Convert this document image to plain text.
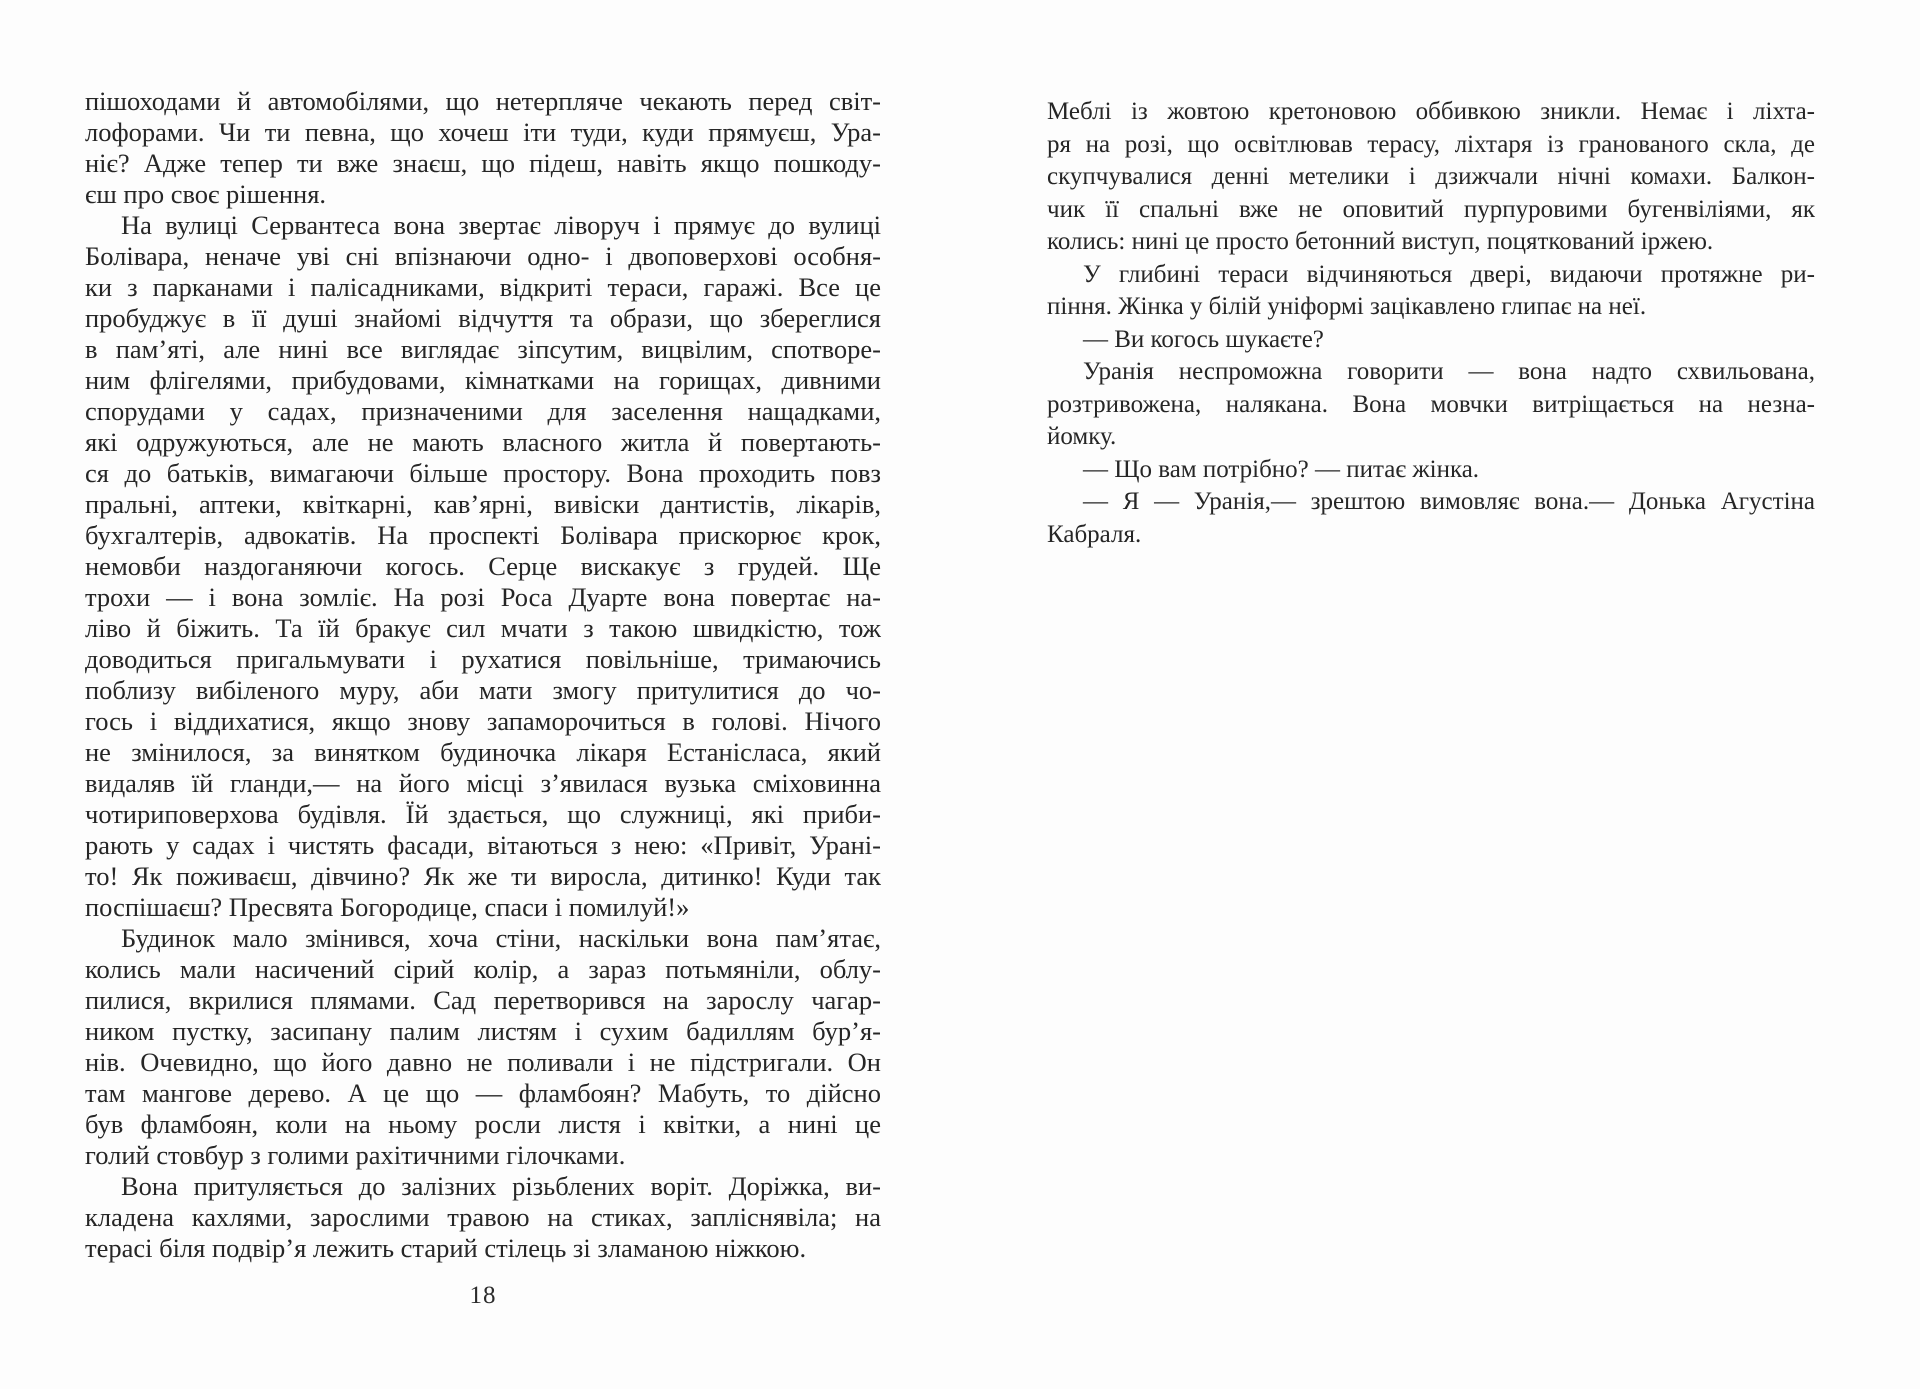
пішоходами й автомобілями, що нетерпляче чекають перед світ-
лофорами. Чи ти певна, що хочеш іти туди, куди прямуєш, Ура-
ніє? Адже тепер ти вже знаєш, що підеш, навіть якщо пошкоду-
єш про своє рішення.
На вулиці Сервантеса вона звертає ліворуч і прямує до вулиці
Болівара, неначе уві сні впізнаючи одно- і двоповерхові особня-
ки з парканами і палісадниками, відкриті тераси, гаражі. Все це
пробуджує в її душі знайомі відчуття та образи, що збереглися
в пам’яті, але нині все виглядає зіпсутим, вицвілим, спотворе-
ним флігелями, прибудовами, кімнатками на горищах, дивними
спорудами у садах, призначеними для заселення нащадками,
які одружуються, але не мають власного житла й повертають-
ся до батьків, вимагаючи більше простору. Вона проходить повз
пральні, аптеки, квіткарні, кав’ярні, вивіски дантистів, лікарів,
бухгалтерів, адвокатів. На проспекті Болівара прискорює крок,
немовби наздоганяючи когось. Серце вискакує з грудей. Ще
трохи — і вона зомліє. На розі Роса Дуарте вона повертає на-
ліво й біжить. Та їй бракує сил мчати з такою швидкістю, тож
доводиться пригальмувати і рухатися повільніше, тримаючись
поблизу вибіленого муру, аби мати змогу притулитися до чо-
гось і віддихатися, якщо знову запаморочиться в голові. Нічого
не змінилося, за винятком будиночка лікаря Естанісласа, який
видаляв їй гланди,— на його місці з’явилася вузька сміховинна
чотириповерхова будівля. Їй здається, що служниці, які приби-
рають у садах і чистять фасади, вітаються з нею: «Привіт, Урані-
то! Як поживаєш, дівчино? Як же ти виросла, дитинко! Куди так
поспішаєш? Пресвята Богородице, спаси і помилуй!»
Будинок мало змінився, хоча стіни, наскільки вона пам’ятає,
колись мали насичений сірий колір, а зараз потьмяніли, облу-
пилися, вкрилися плямами. Сад перетворився на зарослу чагар-
ником пустку, засипану палим листям і сухим бадиллям бур’я-
нів. Очевидно, що його давно не поливали і не підстригали. Он
там мангове дерево. А це що — фламбоян? Мабуть, то дійсно
був фламбоян, коли на ньому росли листя і квітки, а нині це
голий стовбур з голими рахітичними гілочками.
Вона притуляється до залізних різьблених воріт. Доріжка, ви-
кладена кахлями, зарослими травою на стиках, запліснявіла; на
терасі біля подвір’я лежить старий стілець зі зламаною ніжкою.
Меблі із жовтою кретоновою оббивкою зникли. Немає і ліхта-
ря на розі, що освітлював терасу, ліхтаря із гранованого скла, де
скупчувалися денні метелики і дзижчали нічні комахи. Балкон-
чик її спальні вже не оповитий пурпуровими бугенвіліями, як
колись: нині це просто бетонний виступ, поцяткований іржею.
У глибині тераси відчиняються двері, видаючи протяжне ри-
піння. Жінка у білій уніформі зацікавлено глипає на неї.
— Ви когось шукаєте?
Уранія неспроможна говорити — вона надто схвильована,
розтривожена, налякана. Вона мовчки витріщається на незна-
йомку.
— Що вам потрібно? — питає жінка.
— Я — Уранія,— зрештою вимовляє вона.— Донька Агустіна
Кабраля.
18
